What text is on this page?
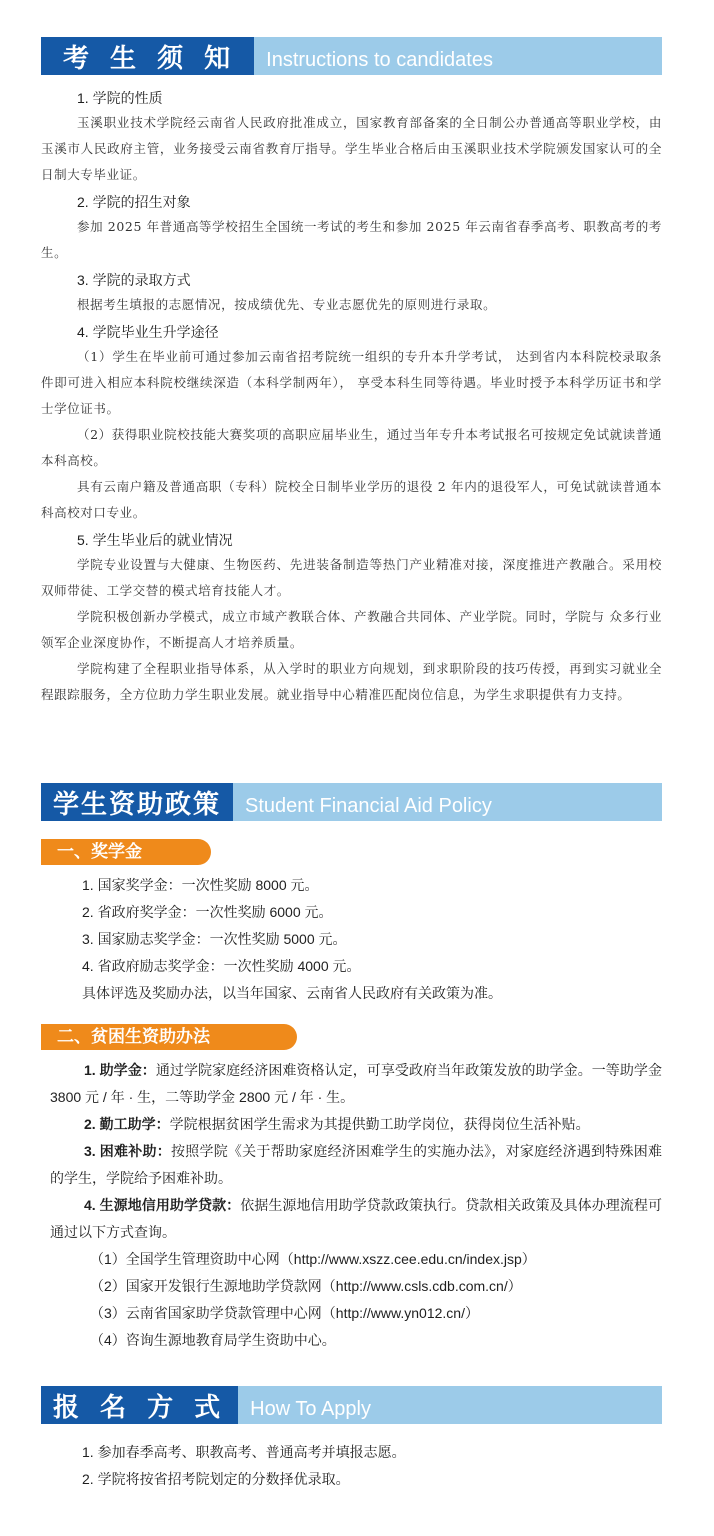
考 生 须 知	Instructions to candidates
1. 学院的性质
玉溪职业技术学院经云南省人民政府批准成立，国家教育部备案的全日制公办普通高等职业学校，由玉溪市人民政府主管，业务接受云南省教育厅指导。学生毕业合格后由玉溪职业技术学院颁发国家认可的全日制大专毕业证。
2. 学院的招生对象
参加 2025 年普通高等学校招生全国统一考试的考生和参加 2025 年云南省春季高考、职教高考的考生。
3. 学院的录取方式
根据考生填报的志愿情况，按成绩优先、专业志愿优先的原则进行录取。
4. 学院毕业生升学途径
（1）学生在毕业前可通过参加云南省招考院统一组织的专升本升学考试， 达到省内本科院校录取条件即可进入相应本科院校继续深造（本科学制两年）， 享受本科生同等待遇。毕业时授予本科学历证书和学士学位证书。
（2）获得职业院校技能大赛奖项的高职应届毕业生，通过当年专升本考试报名可按规定免试就读普通本科高校。
具有云南户籍及普通高职（专科）院校全日制毕业学历的退役 2 年内的退役军人，可免试就读普通本科高校对口专业。
5. 学生毕业后的就业情况
学院专业设置与大健康、生物医药、先进装备制造等热门产业精准对接，深度推进产教融合。采用校双师带徒、工学交替的模式培育技能人才。
学院积极创新办学模式，成立市域产教联合体、产教融合共同体、产业学院。同时，学院与 众多行业领军企业深度协作，不断提高人才培养质量。
学院构建了全程职业指导体系，从入学时的职业方向规划，到求职阶段的技巧传授，再到实习就业全程跟踪服务，全方位助力学生职业发展。就业指导中心精准匹配岗位信息，为学生求职提供有力支持。
学生资助政策	Student Financial Aid Policy
一、奖学金
1. 国家奖学金：一次性奖励 8000 元。
2. 省政府奖学金：一次性奖励 6000 元。
3. 国家励志奖学金：一次性奖励 5000 元。
4. 省政府励志奖学金：一次性奖励 4000 元。
具体评选及奖励办法，以当年国家、云南省人民政府有关政策为准。
二、贫困生资助办法
1. 助学金：通过学院家庭经济困难资格认定，可享受政府当年政策发放的助学金。一等助学金 3800 元 / 年 · 生，二等助学金 2800 元 / 年 · 生。
2. 勤工助学：学院根据贫困学生需求为其提供勤工助学岗位，获得岗位生活补贴。
3. 困难补助：按照学院《关于帮助家庭经济困难学生的实施办法》，对家庭经济遇到特殊困难的学生，学院给予困难补助。
4. 生源地信用助学贷款：依据生源地信用助学贷款政策执行。贷款相关政策及具体办理流程可通过以下方式查询。
（1）全国学生管理资助中心网（http://www.xszz.cee.edu.cn/index.jsp）
（2）国家开发银行生源地助学贷款网（http://www.csls.cdb.com.cn/）
（3）云南省国家助学贷款管理中心网（http://www.yn012.cn/）
（4）咨询生源地教育局学生资助中心。
报 名 方 式	How To Apply
1. 参加春季高考、职教高考、普通高考并填报志愿。
2. 学院将按省招考院划定的分数择优录取。
